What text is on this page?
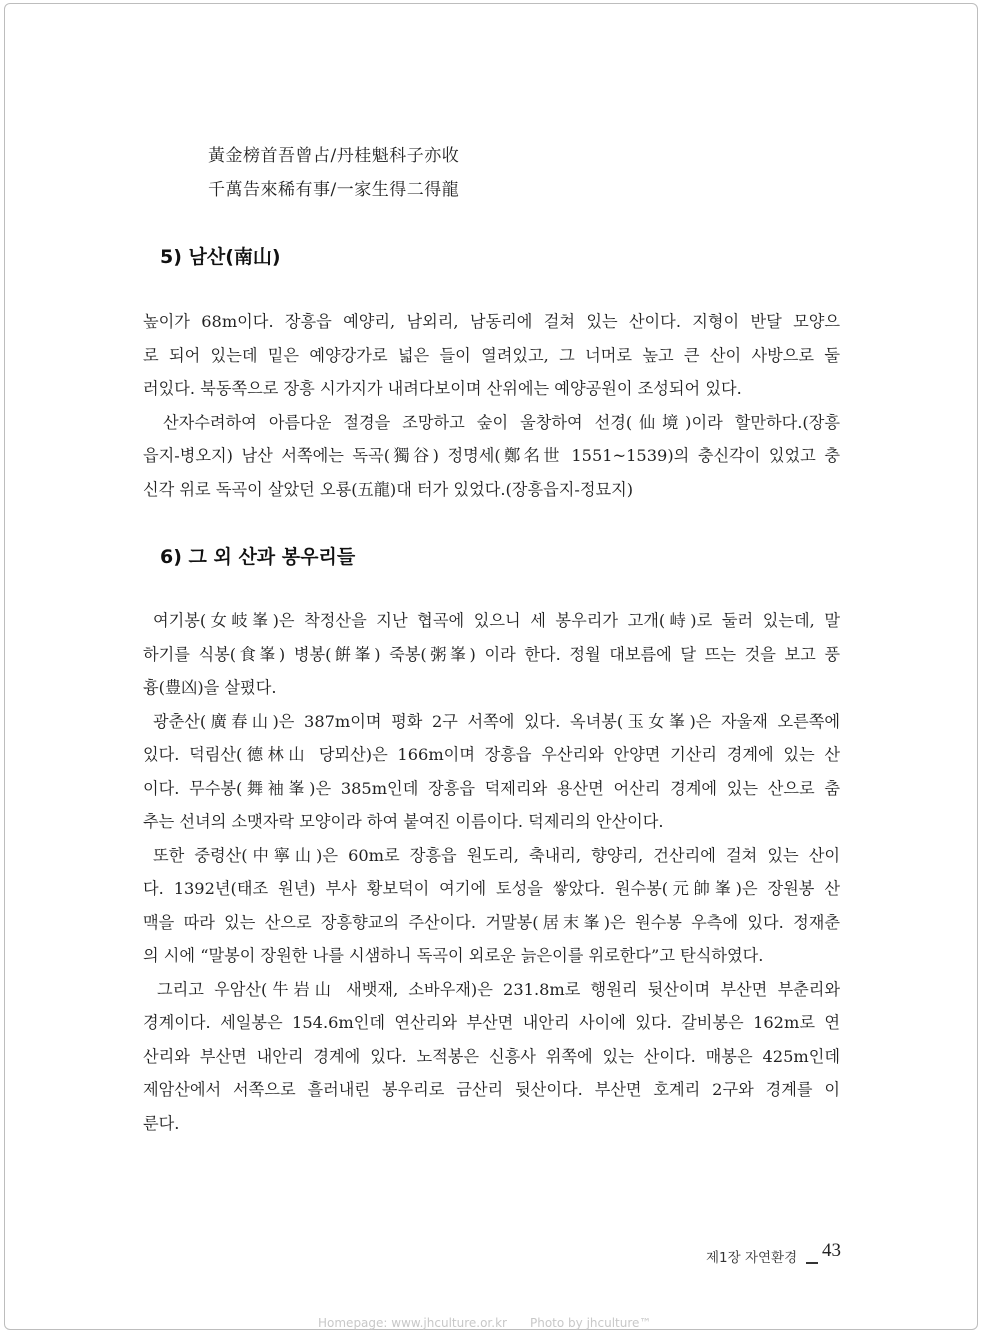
黃金榜首吾曾占/丹桂魁科子亦收
千萬告來稀有事/一家生得二得龍
5) 남산(南山)
높이가 68m이다. 장흥읍 예양리, 남외리, 남동리에 걸쳐 있는 산이다. 지형이 반달 모양으
로 되어 있는데 밑은 예양강가로 넓은 들이 열려있고, 그 너머로 높고 큰 산이 사방으로 둘
러있다. 북동쪽으로 장흥 시가지가 내려다보이며 산위에는 예양공원이 조성되어 있다.
산자수려하여 아름다운 절경을 조망하고 숲이 울창하여 선경(仙境)이라 할만하다.(장흥
읍지-병오지) 남산 서쪽에는 독곡(獨谷) 정명세(鄭名世 1551~1539)의 충신각이 있었고 충
신각 위로 독곡이 살았던 오룡(五龍)대 터가 있었다.(장흥읍지-정묘지)
6) 그 외 산과 봉우리들
여기봉(女岐峯)은 착정산을 지난 협곡에 있으니 세 봉우리가 고개(峙)로 둘러 있는데, 말
하기를 식봉(食峯) 병봉(餠峯) 죽봉(粥峯) 이라 한다. 정월 대보름에 달 뜨는 것을 보고 풍
흉(豊凶)을 살폈다.
광춘산(廣春山)은 387m이며 평화 2구 서쪽에 있다. 옥녀봉(玉女峯)은 자울재 오른쪽에
있다. 덕림산(德林山 당뫼산)은 166m이며 장흥읍 우산리와 안양면 기산리 경계에 있는 산
이다. 무수봉(舞袖峯)은 385m인데 장흥읍 덕제리와 용산면 어산리 경계에 있는 산으로 춤
추는 선녀의 소맷자락 모양이라 하여 붙여진 이름이다. 덕제리의 안산이다.
또한 중령산(中寧山)은 60m로 장흥읍 원도리, 축내리, 향양리, 건산리에 걸쳐 있는 산이
다. 1392년(태조 원년) 부사 황보덕이 여기에 토성을 쌓았다. 원수봉(元帥峯)은 장원봉 산
맥을 따라 있는 산으로 장흥향교의 주산이다. 거말봉(居末峯)은 원수봉 우측에 있다. 정재춘
의 시에 “말봉이 장원한 나를 시샘하니 독곡이 외로운 늙은이를 위로한다”고 탄식하였다.
그리고 우암산(牛岩山 새뱃재, 소바우재)은 231.8m로 행원리 뒷산이며 부산면 부춘리와
경계이다. 세일봉은 154.6m인데 연산리와 부산면 내안리 사이에 있다. 갈비봉은 162m로 연
산리와 부산면 내안리 경계에 있다. 노적봉은 신흥사 위쪽에 있는 산이다. 매봉은 425m인데
제암산에서 서쪽으로 흘러내린 봉우리로 금산리 뒷산이다. 부산면 호계리 2구와 경계를 이
룬다.
제1장 자연환경 43
Homepage: www.jhculture.or.kr Photo by jhculture™
